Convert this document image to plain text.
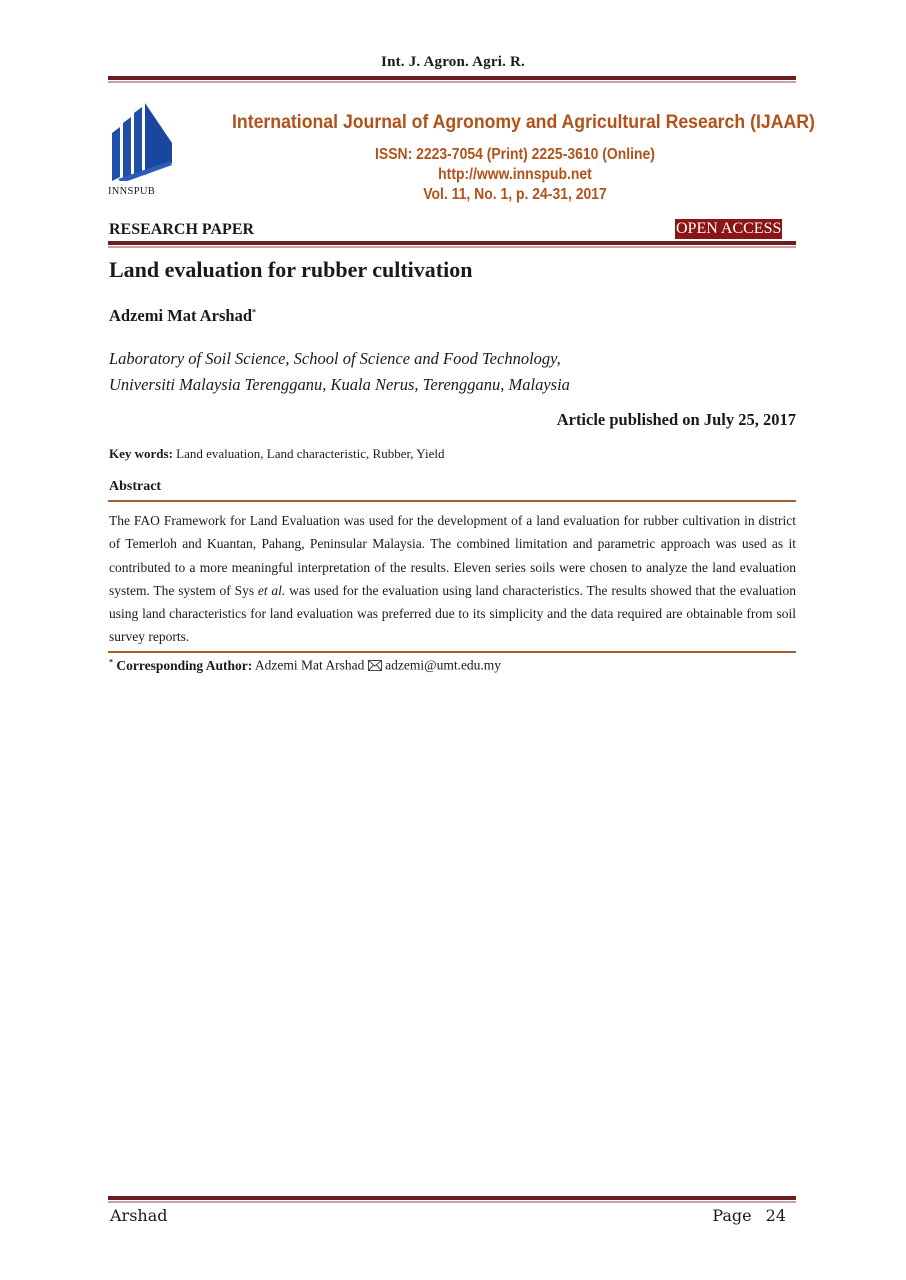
Int. J. Agron. Agri. R.
INNSPUB
International Journal of Agronomy and Agricultural Research (IJAAR)
ISSN: 2223-7054 (Print) 2225-3610 (Online)
http://www.innspub.net
Vol. 11, No. 1, p. 24-31, 2017
RESEARCH PAPER	OPEN ACCESS
Land evaluation for rubber cultivation
Adzemi Mat Arshad*
Laboratory of Soil Science, School of Science and Food Technology,
Universiti Malaysia Terengganu, Kuala Nerus, Terengganu, Malaysia
Article published on July 25, 2017
Key words: Land evaluation, Land characteristic, Rubber, Yield
Abstract
The FAO Framework for Land Evaluation was used for the development of a land evaluation for rubber cultivation in district of Temerloh and Kuantan, Pahang, Peninsular Malaysia. The combined limitation and parametric approach was used as it contributed to a more meaningful interpretation of the results. Eleven series soils were chosen to analyze the land evaluation system. The system of Sys et al. was used for the evaluation using land characteristics. The results showed that the evaluation using land characteristics for land evaluation was preferred due to its simplicity and the data required are obtainable from soil survey reports.
* Corresponding Author: Adzemi Mat Arshad adzemi@umt.edu.my
Arshad	Page 24
